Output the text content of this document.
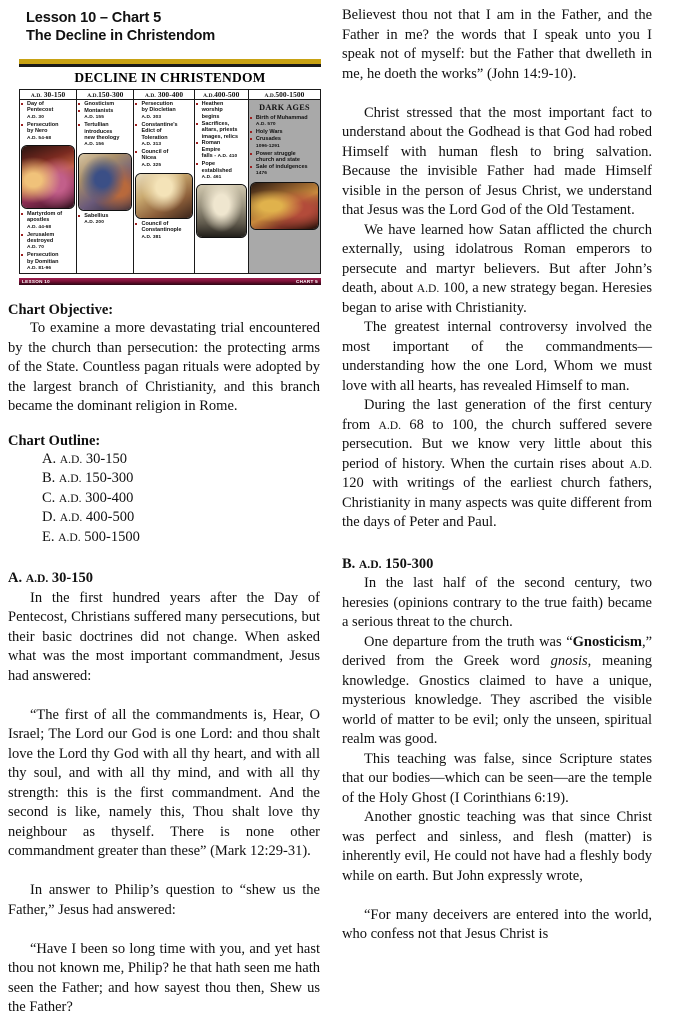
Lesson 10 – Chart 5
The Decline in Christendom
DECLINE IN CHRISTENDOM
A.D. 30-150	A.D.150-300	A.D. 300-400	A.D.400-500	A.D.500-1500

Day of
Pentecost
A.D. 30
Persecution
by Nero
A.D. 54-68
Martyrdom of
apostles
A.D. 44-68
Jerusalem
destroyed
A.D. 70
Persecution
by Domitian
A.D. 81-96

Gnosticism
Montanists
A.D. 155
Tertullian
introduces
new theology
A.D. 156
Sabellius
A.D. 200

Persecution
by Diocletian
A.D. 303
Constantine's
Edict of
Toleration
A.D. 313
Council of
Nicea
A.D. 325
Council of
Constantinople
A.D. 381

Heathen
worship
begins
Sacrifices,
altars, priests
images, relics
Roman
Empire
falls - A.D. 410
Pope
established
A.D. 461

DARK AGES
Birth of Muhammad
A.D. 570
Holy Wars
Crusades
1096-1291
Power struggle
church and state
Sale of indulgences
1476
LESSON 10	CHART 5
Chart Objective:

To examine a more devastating trial encountered by the church than persecution: the protecting arms of the State. Countless pagan rituals were adopted by the largest branch of Christianity, and this branch became the dominant religion in Rome.

Chart Outline:
A. A.D. 30-150
B. A.D. 150-300
C. A.D. 300-400
D. A.D. 400-500
E. A.D. 500-1500
A. A.D. 30-150

In the first hundred years after the Day of Pentecost, Christians suffered many persecutions, but their basic doctrines did not change. When asked what was the most important commandment, Jesus had answered:

“The first of all the commandments is, Hear, O Israel; The Lord our God is one Lord: and thou shalt love the Lord thy God with all thy heart, and with all thy soul, and with all thy mind, and with all thy strength: this is the first commandment. And the second is like, namely this, Thou shalt love thy neighbour as thyself. There is none other commandment greater than these” (Mark 12:29-31).

In answer to Philip’s question to “shew us the Father,” Jesus had answered:

“Have I been so long time with you, and yet hast thou not known me, Philip? he that hath seen me hath seen the Father; and how sayest thou then, Shew us the Father?

Believest thou not that I am in the Father, and the Father in me? the words that I speak unto you I speak not of myself: but the Father that dwelleth in me, he doeth the works” (John 14:9-10).

Christ stressed that the most important fact to understand about the Godhead is that God had robed Himself with human flesh to bring salvation. Because the invisible Father had made Himself visible in the person of Jesus Christ, we understand that Jesus was the Lord God of the Old Testament.

We have learned how Satan afflicted the church externally, using idolatrous Roman emperors to persecute and martyr believers. But after John’s death, about A.D. 100, a new strategy began. Heresies began to arise with Christianity.

The greatest internal controversy involved the most important of the commandments—understanding how the one Lord, Whom we must love with all hearts, has revealed Himself to man.

During the last generation of the first century from A.D. 68 to 100, the church suffered severe persecution. But we know very little about this period of history. When the curtain rises about A.D. 120 with writings of the earliest church fathers, Christianity in many aspects was quite different from the days of Peter and Paul.

B. A.D. 150-300

In the last half of the second century, two heresies (opinions contrary to the true faith) became a serious threat to the church.

One departure from the truth was “Gnosticism,” derived from the Greek word gnosis, meaning knowledge. Gnostics claimed to have a unique, mysterious knowledge. They ascribed the visible world of matter to be evil; only the unseen, spiritual realm was good.

This teaching was false, since Scripture states that our bodies—which can be seen—are the temple of the Holy Ghost (I Corinthians 6:19).

Another gnostic teaching was that since Christ was perfect and sinless, and flesh (matter) is inherently evil, He could not have had a fleshly body while on earth. But John expressly wrote,

“For many deceivers are entered into the world, who confess not that Jesus Christ is
